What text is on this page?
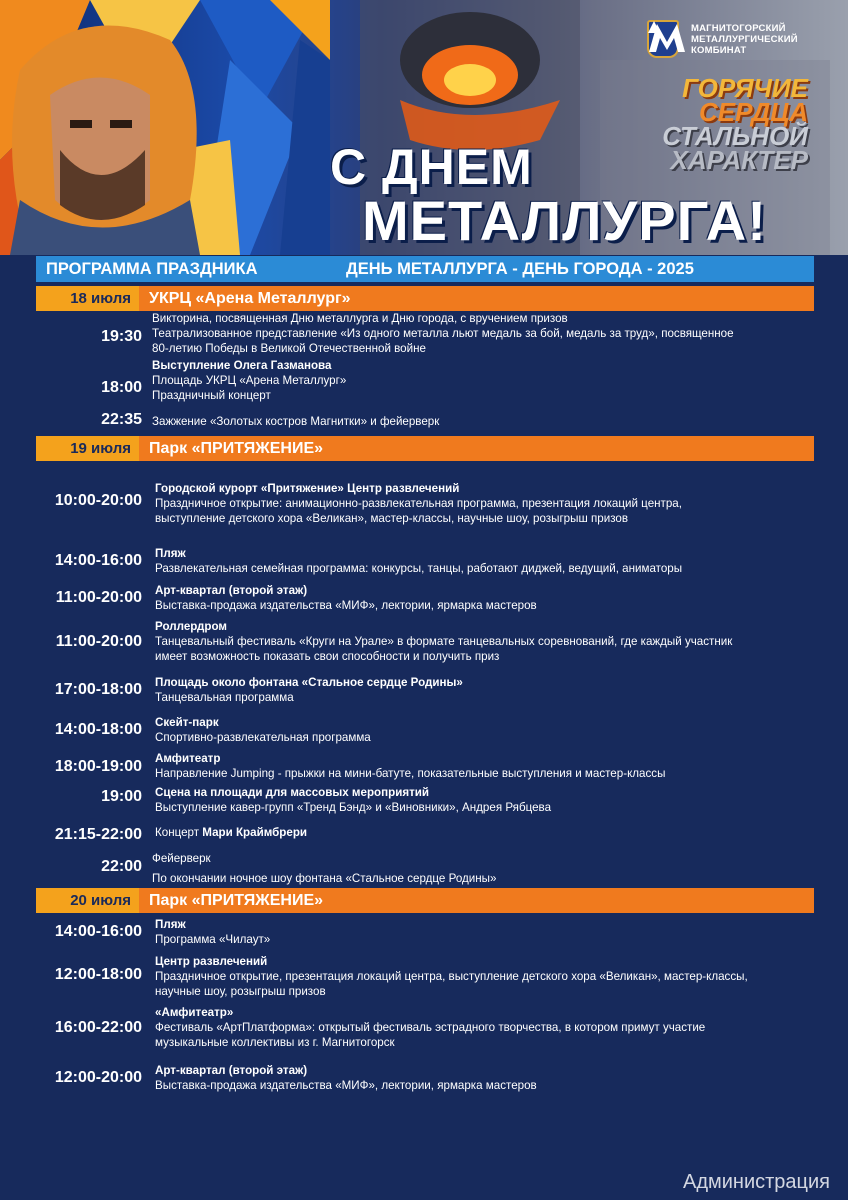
МАГНИТОГОРСКИЙ МЕТАЛЛУРГИЧЕСКИЙ КОМБИНАТ
ГОРЯЧИЕ
СЕРДЦА
СТАЛЬНОЙ
ХАРАКТЕР
С ДНЕМ
МЕТАЛЛУРГА!
ПРОГРАММА ПРАЗДНИКА	ДЕНЬ МЕТАЛЛУРГА - ДЕНЬ ГОРОДА - 2025
18 июля	УКРЦ «Арена Металлург»
19:30
Викторина, посвященная Дню металлурга и Дню города, с вручением призов
Театрализованное представление «Из одного металла льют медаль за бой, медаль за труд», посвященное
80-летию Победы в Великой Отечественной войне
18:00
Выступление Олега Газманова
Площадь УКРЦ «Арена Металлург»
Праздничный концерт
22:35 Зажжение «Золотых костров Магнитки» и фейерверк
19 июля	Парк «ПРИТЯЖЕНИЕ»
10:00-20:00
Городской курорт «Притяжение» Центр развлечений
Праздничное открытие: анимационно-развлекательная программа, презентация локаций центра,
выступление детского хора «Великан», мастер-классы, научные шоу, розыгрыш призов
14:00-16:00 Пляж
Развлекательная семейная программа: конкурсы, танцы, работают диджей, ведущий, аниматоры
11:00-20:00 Арт-квартал (второй этаж)
Выставка-продажа издательства «МИФ», лектории, ярмарка мастеров
11:00-20:00
Роллердром
Танцевальный фестиваль «Круги на Урале» в формате танцевальных соревнований, где каждый участник
имеет возможность показать свои способности и получить приз
17:00-18:00 Площадь около фонтана «Стальное сердце Родины»
Танцевальная программа
14:00-18:00 Скейт-парк
Спортивно-развлекательная программа
18:00-19:00 Амфитеатр
Направление Jumping - прыжки на мини-батуте, показательные выступления и мастер-классы
19:00 Сцена на площади для массовых мероприятий
Выступление кавер-групп «Тренд Бэнд» и «Виновники», Андрея Рябцева
21:15-22:00 Концерт Мари Краймбрери
22:00 Фейерверк
По окончании ночное шоу фонтана «Стальное сердце Родины»
20 июля	Парк «ПРИТЯЖЕНИЕ»
14:00-16:00 Пляж
Программа «Чилаут»
12:00-18:00
Центр развлечений
Праздничное открытие, презентация локаций центра, выступление детского хора «Великан», мастер-классы,
научные шоу, розыгрыш призов
16:00-22:00
«Амфитеатр»
Фестиваль «АртПлатформа»: открытый фестиваль эстрадного творчества, в котором примут участие
музыкальные коллективы из г. Магнитогорск
12:00-20:00 Арт-квартал (второй этаж)
Выставка-продажа издательства «МИФ», лектории, ярмарка мастеров
Администрация
